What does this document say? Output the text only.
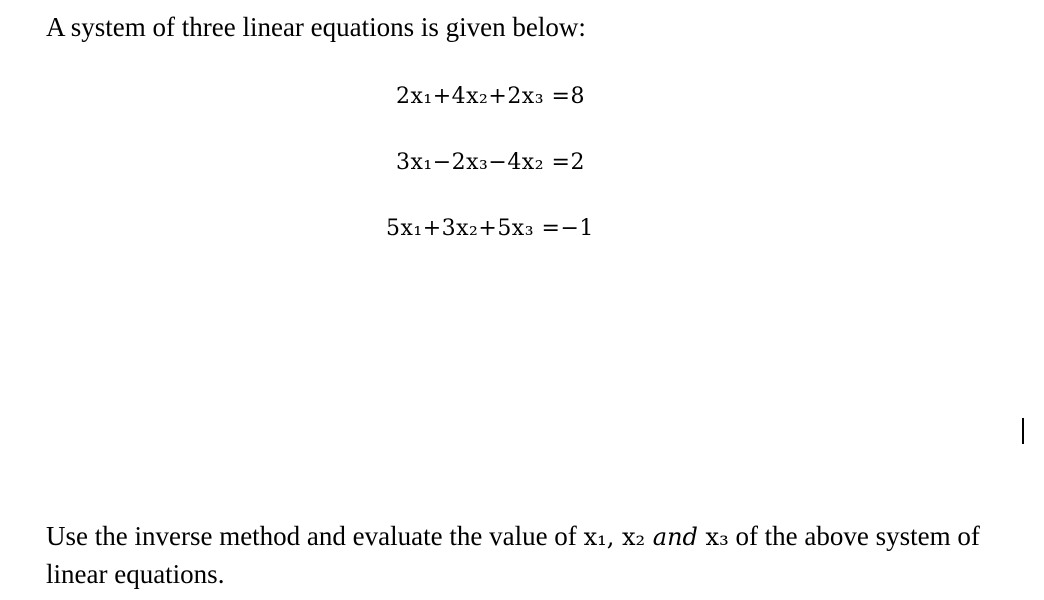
A system of three linear equations is given below:
2x₁+4x₂+2x₃ =8
3x₁−2x₃−4x₂ =2
5x₁+3x₂+5x₃ =−1
Use the inverse method and evaluate the value of x₁, x₂ and x₃ of the above system of linear equations.
